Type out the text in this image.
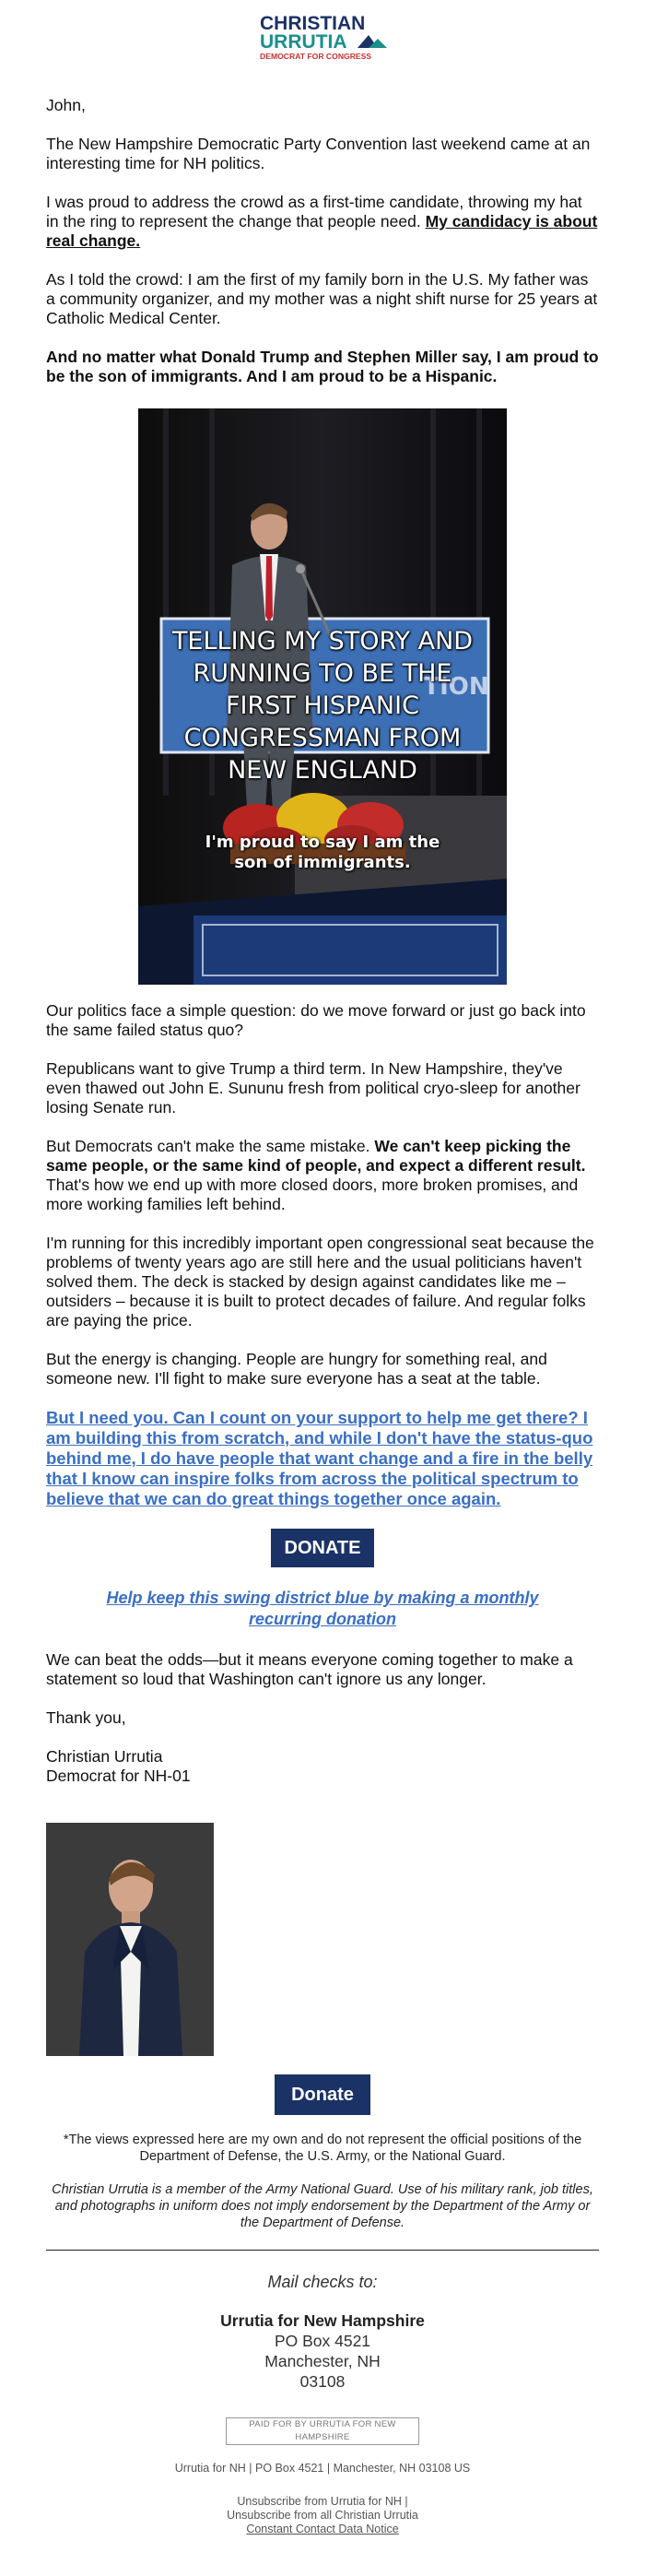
CHRISTIAN
URRUTIA
DEMOCRAT FOR CONGRESS

John,

The New Hampshire Democratic Party Convention last weekend came at an interesting time for NH politics.

I was proud to address the crowd as a first-time candidate, throwing my hat in the ring to represent the change that people need. My candidacy is about real change.

As I told the crowd: I am the first of my family born in the U.S. My father was a community organizer, and my mother was a night shift nurse for 25 years at Catholic Medical Center.

And no matter what Donald Trump and Stephen Miller say, I am proud to be the son of immigrants. And I am proud to be a Hispanic.

TION
TELLING MY STORY AND RUNNING TO BE THE FIRST HISPANIC CONGRESSMAN FROM NEW ENGLAND
I'm proud to say I am the
son of immigrants.

Our politics face a simple question: do we move forward or just go back into the same failed status quo?

Republicans want to give Trump a third term. In New Hampshire, they've even thawed out John E. Sununu fresh from political cryo-sleep for another losing Senate run.

But Democrats can't make the same mistake. We can't keep picking the same people, or the same kind of people, and expect a different result. That's how we end up with more closed doors, more broken promises, and more working families left behind.

I'm running for this incredibly important open congressional seat because the problems of twenty years ago are still here and the usual politicians haven't solved them. The deck is stacked by design against candidates like me – outsiders – because it is built to protect decades of failure. And regular folks are paying the price.

But the energy is changing. People are hungry for something real, and someone new. I'll fight to make sure everyone has a seat at the table.

But I need you. Can I count on your support to help me get there? I am building this from scratch, and while I don't have the status-quo behind me, I do have people that want change and a fire in the belly that I know can inspire folks from across the political spectrum to believe that we can do great things together once again.

DONATE
Help keep this swing district blue by making a monthly recurring donation

We can beat the odds—but it means everyone coming together to make a statement so loud that Washington can't ignore us any longer.

Thank you,

Christian Urrutia

Democrat for NH-01

Donate
*The views expressed here are my own and do not represent the official positions of the Department of Defense, the U.S. Army, or the National Guard.
Christian Urrutia is a member of the Army National Guard. Use of his military rank, job titles, and photographs in uniform does not imply endorsement by the Department of the Army or the Department of Defense.
Mail checks to:
Urrutia for New Hampshire
PO Box 4521
Manchester, NH
03108
PAID FOR BY URRUTIA FOR NEW HAMPSHIRE
Urrutia for NH | PO Box 4521 | Manchester, NH 03108 US
Unsubscribe from Urrutia for NH |
Unsubscribe from all Christian Urrutia
Constant Contact Data Notice
